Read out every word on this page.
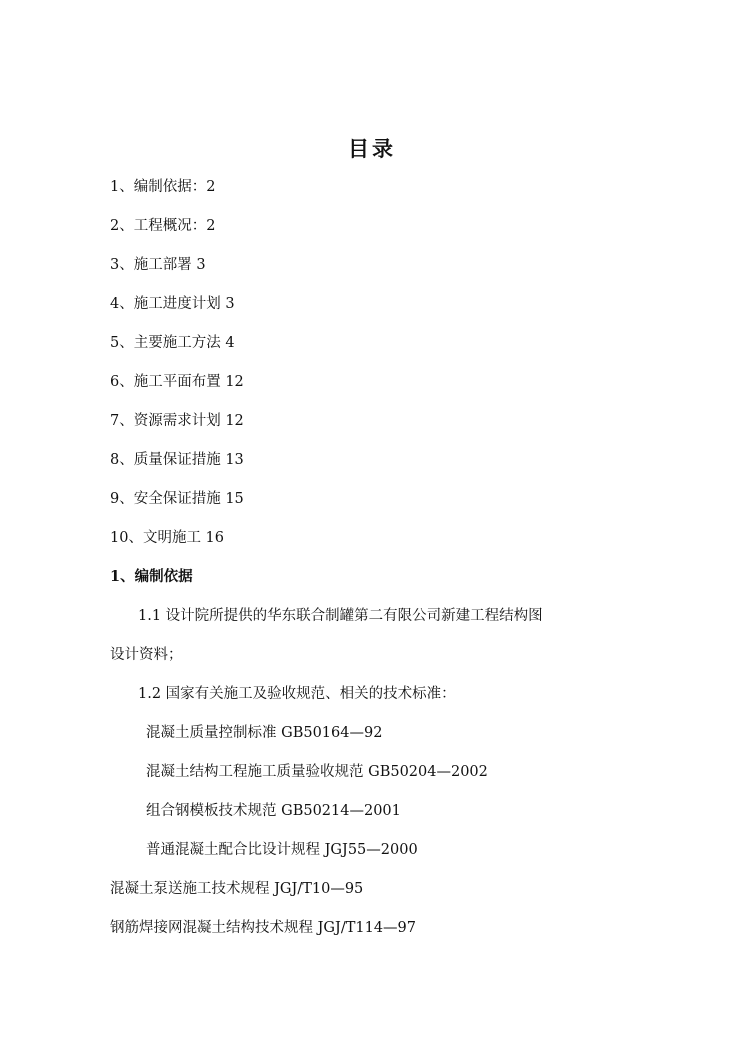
目录
1、编制依据：2
2、工程概况：2
3、施工部署 3
4、施工进度计划 3
5、主要施工方法 4
6、施工平面布置 12
7、资源需求计划 12
8、质量保证措施 13
9、安全保证措施 15
10、文明施工 16
1、编制依据
1.1 设计院所提供的华东联合制罐第二有限公司新建工程结构图
设计资料；
1.2 国家有关施工及验收规范、相关的技术标准：
混凝土质量控制标准 GB50164—92
混凝土结构工程施工质量验收规范 GB50204—2002
组合钢模板技术规范 GB50214—2001
普通混凝土配合比设计规程 JGJ55—2000
混凝土泵送施工技术规程 JGJ/T10—95
钢筋焊接网混凝土结构技术规程 JGJ/T114—97
